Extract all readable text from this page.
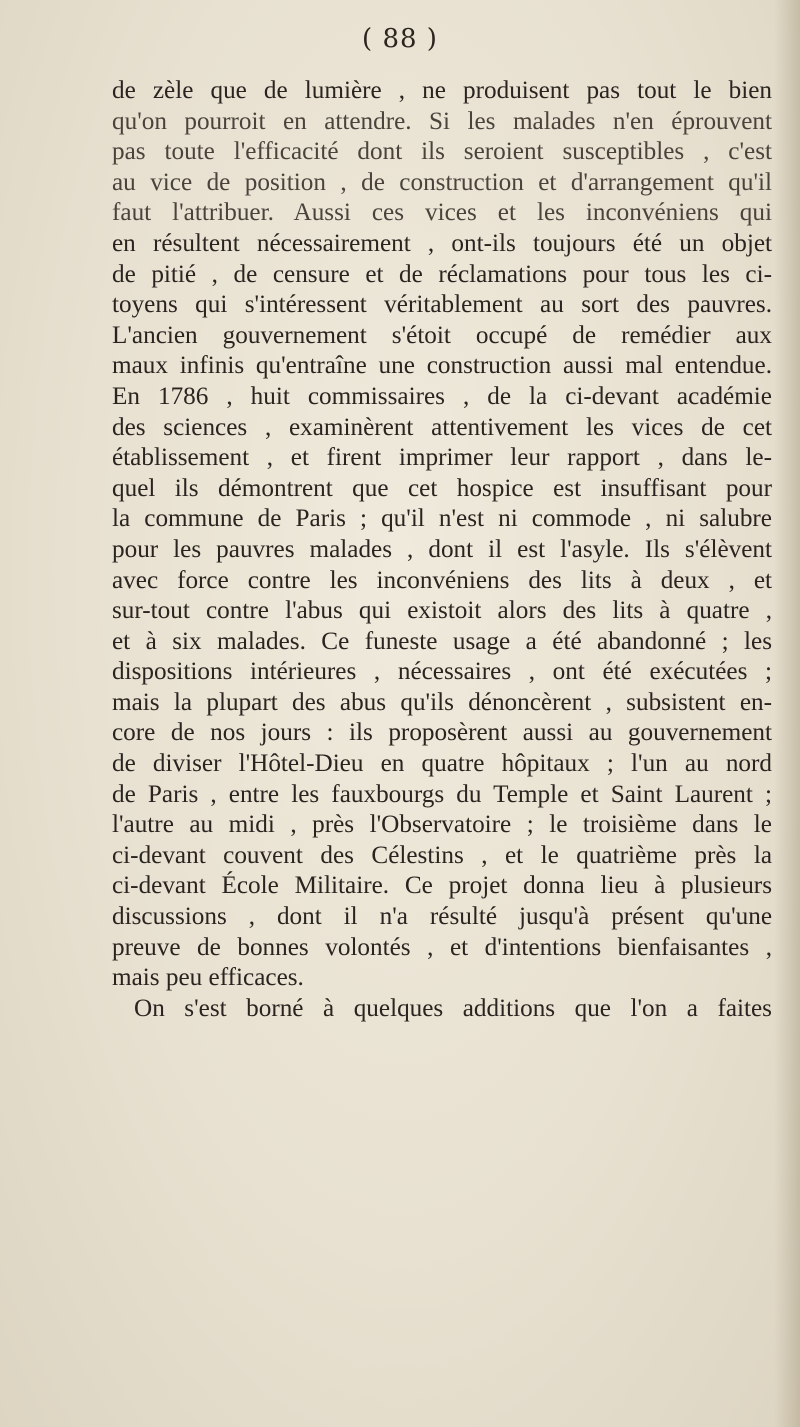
( 88 )
de zèle que de lumière , ne produisent pas tout le bien
qu'on pourroit en attendre. Si les malades n'en éprouvent
pas toute l'efficacité dont ils seroient susceptibles , c'est
au vice de position , de construction et d'arrangement qu'il
faut l'attribuer. Aussi ces vices et les inconvéniens qui
en résultent nécessairement , ont-ils toujours été un objet
de pitié , de censure et de réclamations pour tous les ci-
toyens qui s'intéressent véritablement au sort des pauvres.
L'ancien gouvernement s'étoit occupé de remédier aux
maux infinis qu'entraîne une construction aussi mal entendue.
En 1786 , huit commissaires , de la ci-devant académie
des sciences , examinèrent attentivement les vices de cet
établissement , et firent imprimer leur rapport , dans le-
quel ils démontrent que cet hospice est insuffisant pour
la commune de Paris ; qu'il n'est ni commode , ni salubre
pour les pauvres malades , dont il est l'asyle. Ils s'élèvent
avec force contre les inconvéniens des lits à deux , et
sur-tout contre l'abus qui existoit alors des lits à quatre ,
et à six malades. Ce funeste usage a été abandonné ; les
dispositions intérieures , nécessaires , ont été exécutées ;
mais la plupart des abus qu'ils dénoncèrent , subsistent en-
core de nos jours : ils proposèrent aussi au gouvernement
de diviser l'Hôtel-Dieu en quatre hôpitaux ; l'un au nord
de Paris , entre les fauxbourgs du Temple et Saint Laurent ;
l'autre au midi , près l'Observatoire ; le troisième dans le
ci-devant couvent des Célestins , et le quatrième près la
ci-devant École Militaire. Ce projet donna lieu à plusieurs
discussions , dont il n'a résulté jusqu'à présent qu'une
preuve de bonnes volontés , et d'intentions bienfaisantes ,
mais peu efficaces.
On s'est borné à quelques additions que l'on a faites
